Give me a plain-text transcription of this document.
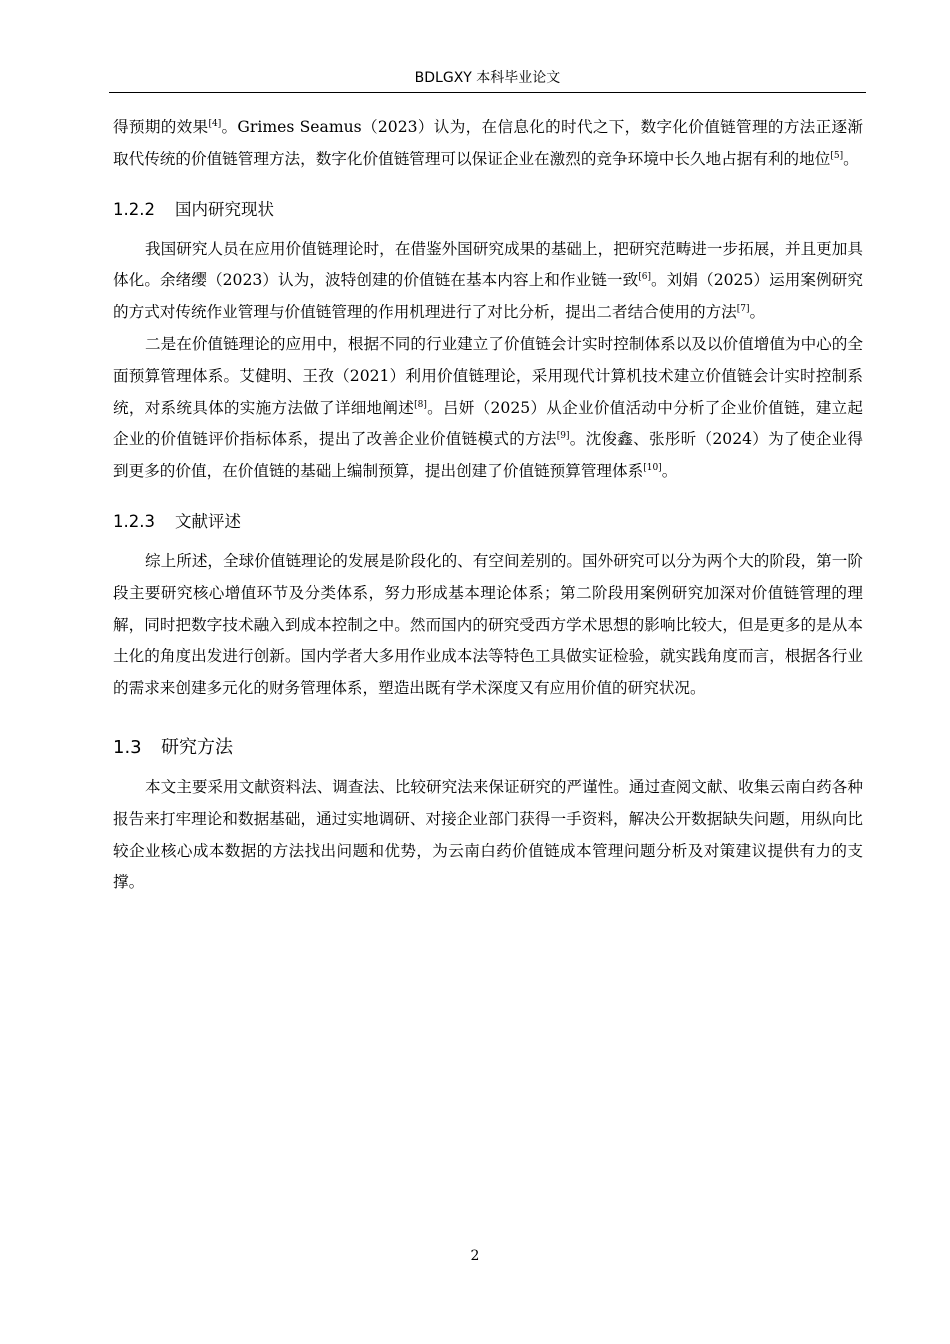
BDLGXY 本科毕业论文

得预期的效果[4]。Grimes Seamus（2023）认为，在信息化的时代之下，数字化价值链管理的方法正逐渐取代传统的价值链管理方法，数字化价值链管理可以保证企业在激烈的竞争环境中长久地占据有利的地位[5]。

1.2.2 国内研究现状

我国研究人员在应用价值链理论时，在借鉴外国研究成果的基础上，把研究范畴进一步拓展，并且更加具体化。余绪缨（2023）认为，波特创建的价值链在基本内容上和作业链一致[6]。刘娟（2025）运用案例研究的方式对传统作业管理与价值链管理的作用机理进行了对比分析，提出二者结合使用的方法[7]。

二是在价值链理论的应用中，根据不同的行业建立了价值链会计实时控制体系以及以价值增值为中心的全面预算管理体系。艾健明、王孜（2021）利用价值链理论，采用现代计算机技术建立价值链会计实时控制系统，对系统具体的实施方法做了详细地阐述[8]。吕妍（2025）从企业价值活动中分析了企业价值链，建立起企业的价值链评价指标体系，提出了改善企业价值链模式的方法[9]。沈俊鑫、张彤昕（2024）为了使企业得到更多的价值，在价值链的基础上编制预算，提出创建了价值链预算管理体系[10]。

1.2.3 文献评述

综上所述，全球价值链理论的发展是阶段化的、有空间差别的。国外研究可以分为两个大的阶段，第一阶段主要研究核心增值环节及分类体系，努力形成基本理论体系；第二阶段用案例研究加深对价值链管理的理解，同时把数字技术融入到成本控制之中。然而国内的研究受西方学术思想的影响比较大，但是更多的是从本土化的角度出发进行创新。国内学者大多用作业成本法等特色工具做实证检验，就实践角度而言，根据各行业的需求来创建多元化的财务管理体系，塑造出既有学术深度又有应用价值的研究状况。

1.3 研究方法

本文主要采用文献资料法、调查法、比较研究法来保证研究的严谨性。通过查阅文献、收集云南白药各种报告来打牢理论和数据基础，通过实地调研、对接企业部门获得一手资料，解决公开数据缺失问题，用纵向比较企业核心成本数据的方法找出问题和优势，为云南白药价值链成本管理问题分析及对策建议提供有力的支撑。

2
